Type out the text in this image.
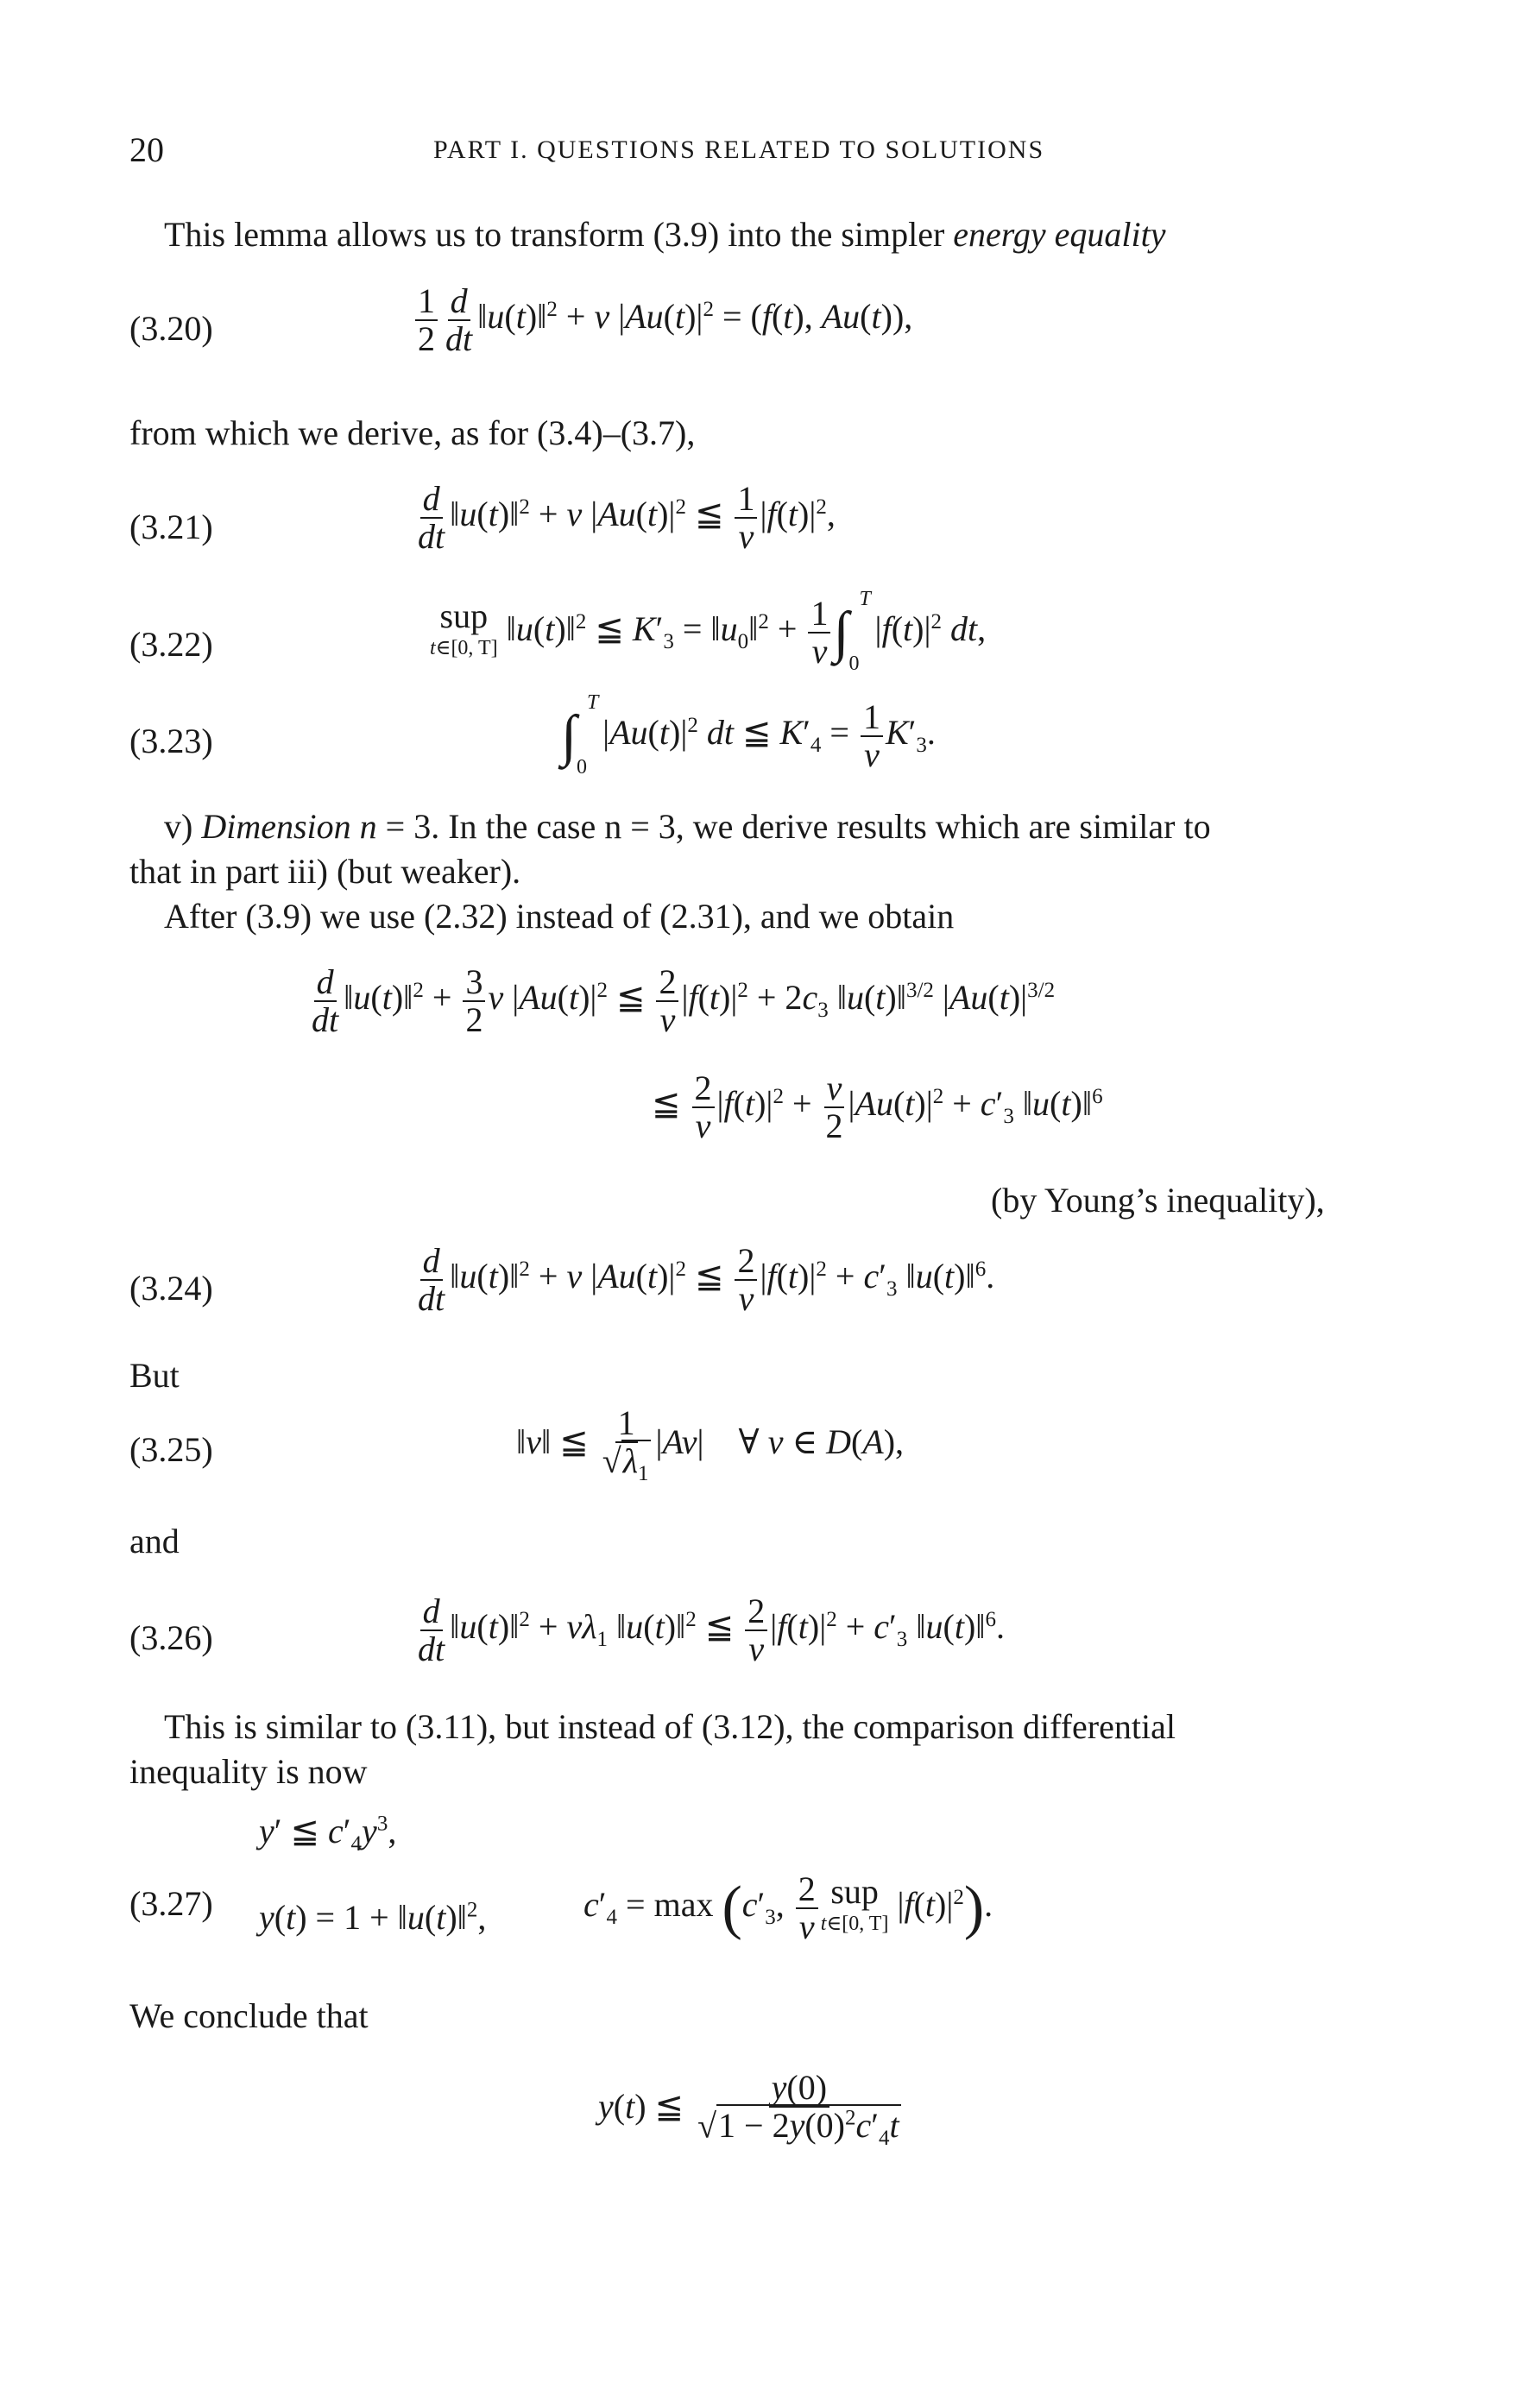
20	PART I. QUESTIONS RELATED TO SOLUTIONS
This lemma allows us to transform (3.9) into the simpler energy equality
(3.20)	$\frac{1}{2} \frac{d}{dt}$ ‖u(t)‖$^2$ + ν $|Au(t)|^2 = (f(t)$, Au(t)),
from which we derive, as for (3.4)–(3.7),
(3.21)	$\frac{d}{dt}$ ‖u(t)‖$^2$ + ν $|Au(t)|^2$ ≦ $\frac{1}{\nu} |f(t)|^2$,
(3.22)
sup
t∈[0, T] ‖u(t)‖$^2$ ≦ $K'_3$ = $‖u_0‖^2 + \frac{1}{\nu}$ ∫
T
0
$|f(t)|^2$ dt,
(3.23)	∫
T
0
$|Au(t)|^2$ dt ≦ $K'_4 = \frac{1}{\nu} K'_3$.
v) Dimension n = 3. In the case n = 3, we derive results which are similar to
that in part iii) (but weaker).
After (3.9) we use (2.32) instead of (2.31), and we obtain
$\frac{d}{dt}$ ‖u(t)‖$^2$ + $\frac{3}{2}$ ν $|Au(t)|^2$ ≦ $\frac{2}{\nu} |f(t)|^2 + 2c_3$ ‖u(t)‖$^{3/2}$ $|Au(t)|^{3/2}$
≦ $\frac{2}{\nu} |f(t)|^2 + \frac{\nu}{2} |Au(t)|^2 + c'_3$ ‖u(t)‖$^6$
(by Young’s inequality),
(3.24)	$\frac{d}{dt}$ ‖u(t)‖$^2$ + ν $|Au(t)|^2$ ≦ $\frac{2}{\nu} |f(t)|^2 + c'_3$ ‖u(t)‖$^6$.
But
(3.25)	‖v‖ ≦ $\frac{1}{√\lambda_1} |Av|$    ∀ v ∈ D(A),
and
(3.26)	$\frac{d}{dt}$ ‖u(t)‖$^2$ + $\nu\lambda_1$ ‖u(t)‖$^2$ ≦ $\frac{2}{\nu} |f(t)|^2 + c'_3$ ‖u(t)‖$^6$.
This is similar to (3.11), but instead of (3.12), the comparison differential
inequality is now
(3.27)
y′ ≦ $c'_4y^3$,
y(t) = 1 + ‖u(t)‖$^2$,	$c'_4 = \max (c'_3$, $\frac{2}{\nu}$ sup
t∈[0, T] $|f(t)|^2$).
We conclude that
y(t) ≦ $\frac{y(0)}{√1 - 2y(0)^2c'_4t}$
